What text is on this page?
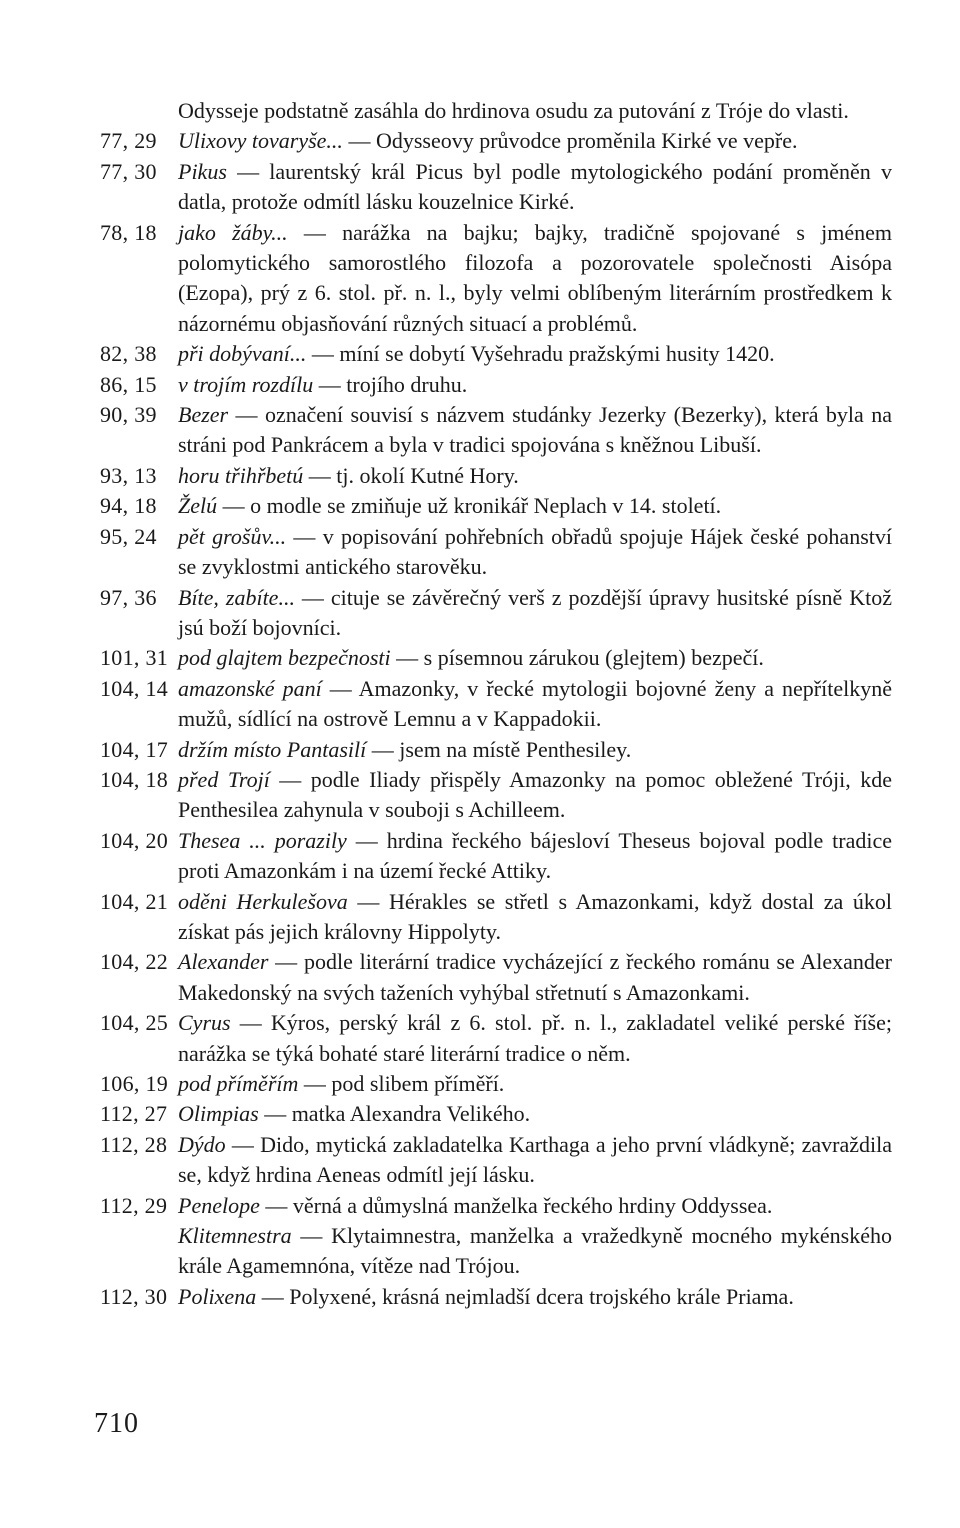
Odysseje podstatně zasáhla do hrdinova osudu za putování z Tróje do vlasti.
77, 29 Ulixovy tovaryše... — Odysseovy průvodce proměnila Kirké ve vepře.
77, 30 Pikus — laurentský král Picus byl podle mytologického podání proměněn v datla, protože odmítl lásku kouzelnice Kirké.
78, 18 jako žáby... — narážka na bajku; bajky, tradičně spojované s jménem polomytického samorostlého filozofa a pozorovatele společnosti Aisópa (Ezopa), prý z 6. stol. př. n. l., byly velmi oblíbeným literárním prostředkem k názornému objasňování různých situací a problémů.
82, 38 při dobývaní... — míní se dobytí Vyšehradu pražskými husity 1420.
86, 15 v trojím rozdílu — trojího druhu.
90, 39 Bezer — označení souvisí s názvem studánky Jezerky (Bezerky), která byla na stráni pod Pankrácem a byla v tradici spojována s kněžnou Libuší.
93, 13 horu třihřbetú — tj. okolí Kutné Hory.
94, 18 Želú — o modle se zmiňuje už kronikář Neplach v 14. století.
95, 24 pět grošův... — v popisování pohřebních obřadů spojuje Hájek české pohanství se zvyklostmi antického starověku.
97, 36 Bíte, zabíte... — cituje se závěrečný verš z pozdější úpravy husitské písně Ktož jsú boží bojovníci.
101, 31 pod glajtem bezpečnosti — s písemnou zárukou (glejtem) bezpečí.
104, 14 amazonské paní — Amazonky, v řecké mytologii bojovné ženy a nepřítelkyně mužů, sídlící na ostrově Lemnu a v Kappadokii.
104, 17 držím místo Pantasilí — jsem na místě Penthesiley.
104, 18 před Trojí — podle Iliady přispěly Amazonky na pomoc obležené Tróji, kde Penthesilea zahynula v souboji s Achilleem.
104, 20 Thesea ... porazily — hrdina řeckého bájesloví Theseus bojoval podle tradice proti Amazonkám i na území řecké Attiky.
104, 21 oděni Herkulešova — Hérakles se střetl s Amazonkami, když dostal za úkol získat pás jejich královny Hippolyty.
104, 22 Alexander — podle literární tradice vycházející z řeckého románu se Alexander Makedonský na svých taženích vyhýbal střetnutí s Amazonkami.
104, 25 Cyrus — Kýros, perský král z 6. stol. př. n. l., zakladatel veliké perské říše; narážka se týká bohaté staré literární tradice o něm.
106, 19 pod příměřím — pod slibem příměří.
112, 27 Olimpias — matka Alexandra Velikého.
112, 28 Dýdo — Dido, mytická zakladatelka Karthaga a jeho první vládkyně; zavraždila se, když hrdina Aeneas odmítl její lásku.
112, 29 Penelope — věrná a důmyslná manželka řeckého hrdiny Oddyssea.
Klitemnestra — Klytaimnestra, manželka a vražedkyně mocného mykénského krále Agamemnóna, vítěze nad Trójou.
112, 30 Polixena — Polyxené, krásná nejmladší dcera trojského krále Priama.
710
